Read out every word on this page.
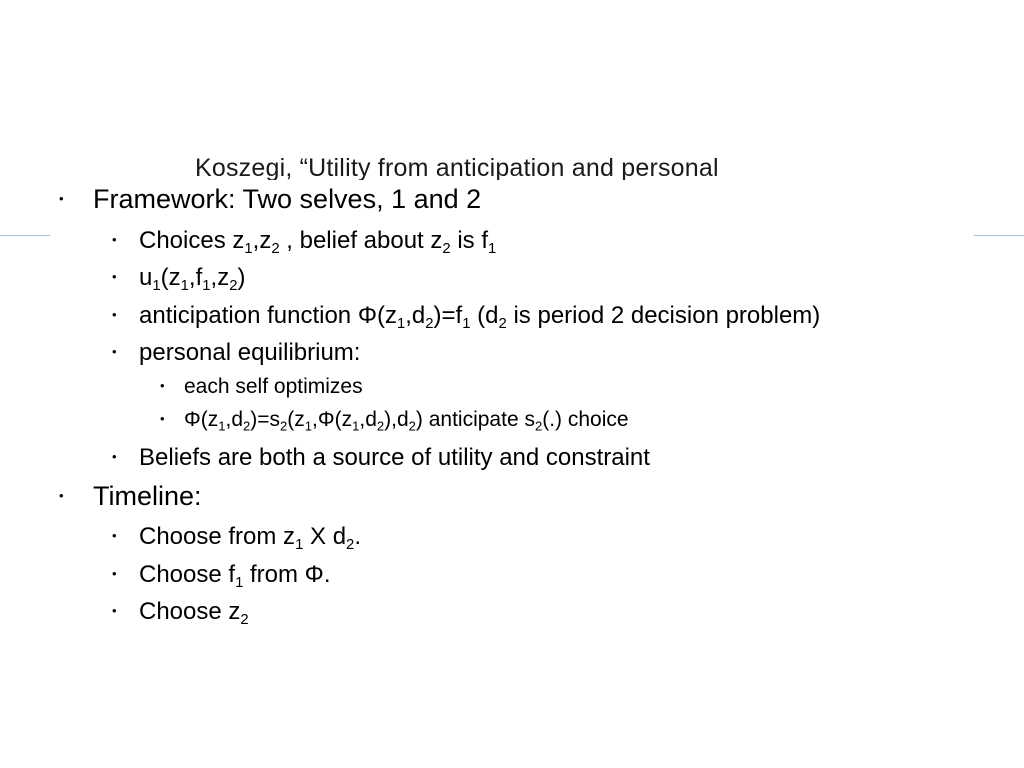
Koszegi, “Utility from anticipation and personal
• Framework: Two selves, 1 and 2
• Choices $z_1,z_2$ , belief about $z_2$ is $f_1$
• $u_1(z_1,f_1,z_2)$
• anticipation function $\Phi(z_1,d_2)=f_1$ ($d_2$ is period 2 decision problem)
• personal equilibrium:
• each self optimizes
• $\Phi(z_1,d_2)=s_2(z_1,\Phi(z_1,d_2),d_2)$ anticipate $s_2(.)$ choice
• Beliefs are both a source of utility and constraint
• Timeline:
• Choose from $z_1$ X $d_2$.
• Choose $f_1$ from Φ.
• Choose $z_2$
